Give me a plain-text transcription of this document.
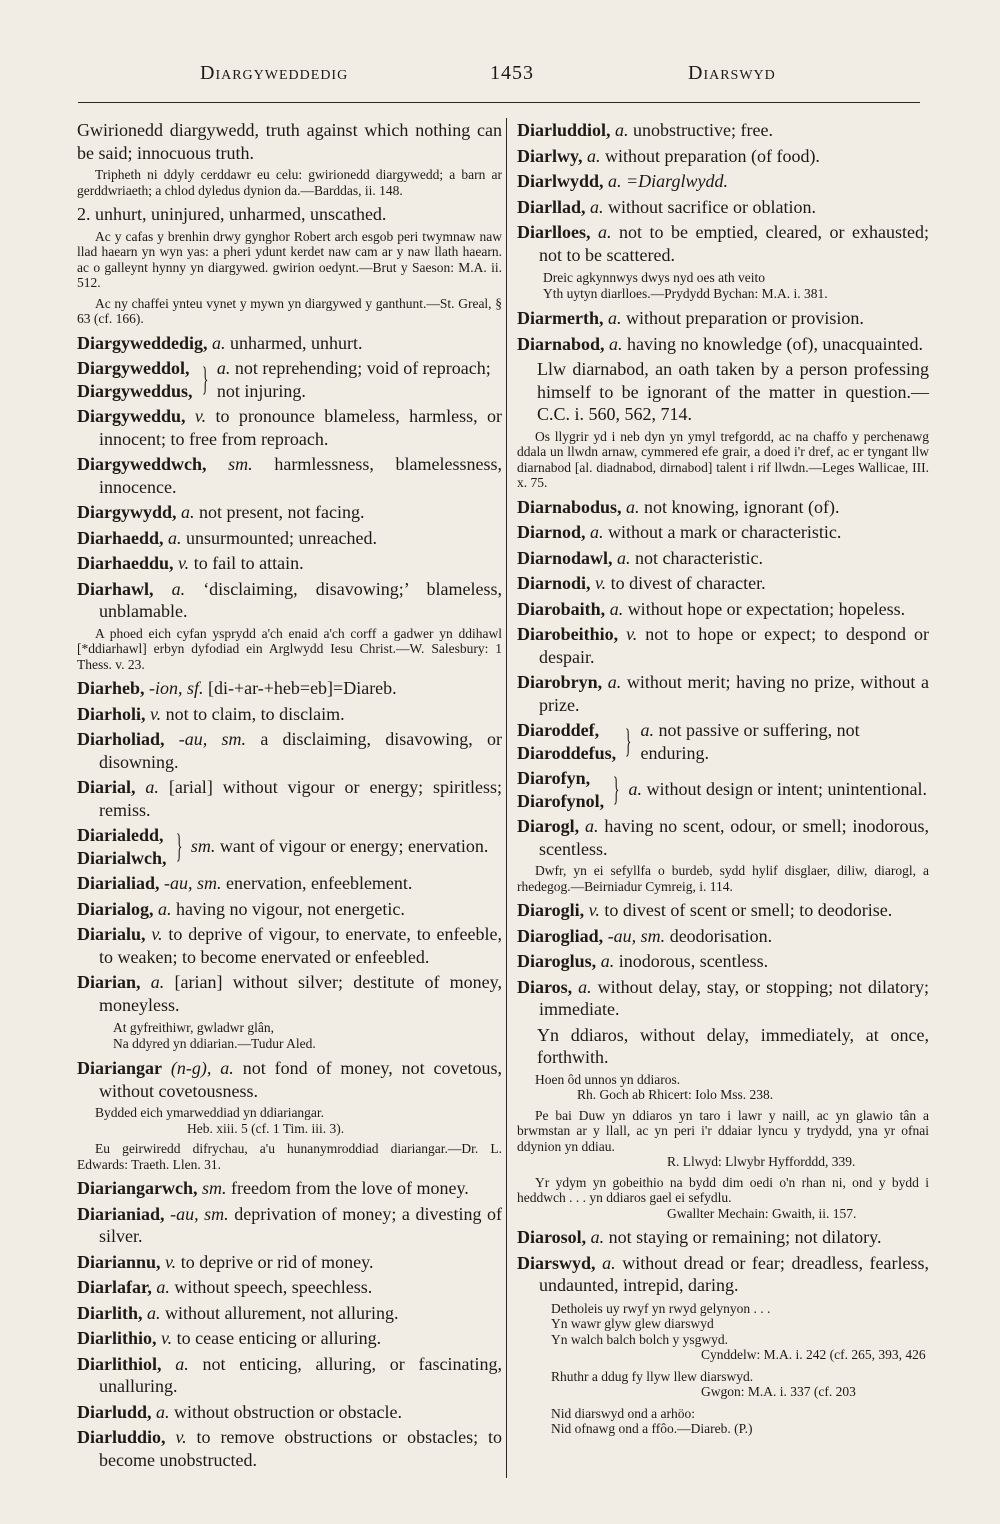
Diargyweddedig	1453	Diarswyd

Gwirionedd diargywedd, truth against which nothing can be said; innocuous truth.

Tripheth ni ddyly cerddawr eu celu: gwirionedd diargywedd; a barn ar gerddwriaeth; a chlod dyledus dynion da.—Barddas, ii. 148.

2. unhurt, uninjured, unharmed, unscathed.

Ac y cafas y brenhin drwy gynghor Robert arch esgob peri twymnaw naw llad haearn yn wyn yas: a pheri ydunt kerdet naw cam ar y naw llath haearn. ac o galleynt hynny yn diargywed. gwirion oedynt.—Brut y Saeson: M.A. ii. 512.

Ac ny chaffei ynteu vynet y mywn yn diargywed y ganthunt.—St. Greal, § 63 (cf. 166).

Diargyweddedig, a. unharmed, unhurt.

Diargyweddol,
Diargyweddus, } a. not reprehending; void of reproach; not injuring.

Diargyweddu, v. to pronounce blameless, harmless, or innocent; to free from reproach.

Diargyweddwch, sm. harmlessness, blamelessness, innocence.

Diargywydd, a. not present, not facing.

Diarhaedd, a. unsurmounted; unreached.

Diarhaeddu, v. to fail to attain.

Diarhawl, a. ‘disclaiming, disavowing;’ blameless, unblamable.

A phoed eich cyfan ysprydd a'ch enaid a'ch corff a gadwer yn ddihawl [*ddiarhawl] erbyn dyfodiad ein Arglwydd Iesu Christ.—W. Salesbury: 1 Thess. v. 23.

Diarheb, -ion, sf. [di-+ar-+heb=eb]=Diareb.

Diarholi, v. not to claim, to disclaim.

Diarholiad, -au, sm. a disclaiming, disavowing, or disowning.

Diarial, a. [arial] without vigour or energy; spiritless; remiss.

Diarialedd,
Diarialwch, } sm. want of vigour or energy; enervation.

Diarialiad, -au, sm. enervation, enfeeblement.

Diarialog, a. having no vigour, not energetic.

Diarialu, v. to deprive of vigour, to enervate, to enfeeble, to weaken; to become enervated or enfeebled.

Diarian, a. [arian] without silver; destitute of money, moneyless.

At gyfreithiwr, gwladwr glân,
Na ddyred yn ddiarian.—Tudur Aled.

Diariangar (n-g), a. not fond of money, not covetous, without covetousness.

Bydded eich ymarweddiad yn ddiariangar.

Heb. xiii. 5 (cf. 1 Tim. iii. 3).

Eu geirwiredd difrychau, a'u hunanymroddiad diariangar.—Dr. L. Edwards: Traeth. Llen. 31.

Diariangarwch, sm. freedom from the love of money.

Diarianiad, -au, sm. deprivation of money; a divesting of silver.

Diariannu, v. to deprive or rid of money.

Diarlafar, a. without speech, speechless.

Diarlith, a. without allurement, not alluring.

Diarlithio, v. to cease enticing or alluring.

Diarlithiol, a. not enticing, alluring, or fascinating, unalluring.

Diarludd, a. without obstruction or obstacle.

Diarluddio, v. to remove obstructions or obstacles; to become unobstructed.

Diarluddiol, a. unobstructive; free.

Diarlwy, a. without preparation (of food).

Diarlwydd, a. =Diarglwydd.

Diarllad, a. without sacrifice or oblation.

Diarlloes, a. not to be emptied, cleared, or exhausted; not to be scattered.

Dreic agkynnwys dwys nyd oes ath veito
Yth uytyn diarlloes.—Prydydd Bychan: M.A. i. 381.

Diarmerth, a. without preparation or provision.

Diarnabod, a. having no knowledge (of), unacquainted.

Llw diarnabod, an oath taken by a person professing himself to be ignorant of the matter in question.—C.C. i. 560, 562, 714.

Os llygrir yd i neb dyn yn ymyl trefgordd, ac na chaffo y perchenawg ddala un llwdn arnaw, cymmered efe grair, a doed i'r dref, ac er tyngant llw diarnabod [al. diadnabod, dirnabod] talent i rif llwdn.—Leges Wallicae, III. x. 75.

Diarnabodus, a. not knowing, ignorant (of).

Diarnod, a. without a mark or characteristic.

Diarnodawl, a. not characteristic.

Diarnodi, v. to divest of character.

Diarobaith, a. without hope or expectation; hopeless.

Diarobeithio, v. not to hope or expect; to despond or despair.

Diarobryn, a. without merit; having no prize, without a prize.

Diaroddef,
Diaroddefus, } a. not passive or suffering, not enduring.
Diarofyn,
Diarofynol, } a. without design or intent; unintentional.

Diarogl, a. having no scent, odour, or smell; inodorous, scentless.

Dwfr, yn ei sefyllfa o burdeb, sydd hylif disglaer, diliw, diarogl, a rhedegog.—Beirniadur Cymreig, i. 114.

Diarogli, v. to divest of scent or smell; to deodorise.

Diarogliad, -au, sm. deodorisation.

Diaroglus, a. inodorous, scentless.

Diaros, a. without delay, stay, or stopping; not dilatory; immediate.

Yn ddiaros, without delay, immediately, at once, forthwith.

Hoen ôd unnos yn ddiaros.

Rh. Goch ab Rhicert: Iolo Mss. 238.

Pe bai Duw yn ddiaros yn taro i lawr y naill, ac yn glawio tân a brwmstan ar y llall, ac yn peri i'r ddaiar lyncu y trydydd, yna yr ofnai ddynion yn ddiau.

R. Llwyd: Llwybr Hyfforddd, 339.

Yr ydym yn gobeithio na bydd dim oedi o'n rhan ni, ond y bydd i heddwch . . . yn ddiaros gael ei sefydlu.

Gwallter Mechain: Gwaith, ii. 157.

Diarosol, a. not staying or remaining; not dilatory.

Diarswyd, a. without dread or fear; dreadless, fearless, undaunted, intrepid, daring.

Detholeis uy rwyf yn rwyd gelynyon . . .
Yn wawr glyw glew diarswyd
Yn walch balch bolch y ysgwyd.
Cynddelw: M.A. i. 242 (cf. 265, 393, 426
Rhuthr a ddug fy llyw llew diarswyd.
Gwgon: M.A. i. 337 (cf. 203
Nid diarswyd ond a arhöo:
Nid ofnawg ond a ffôo.—Diareb. (P.)
